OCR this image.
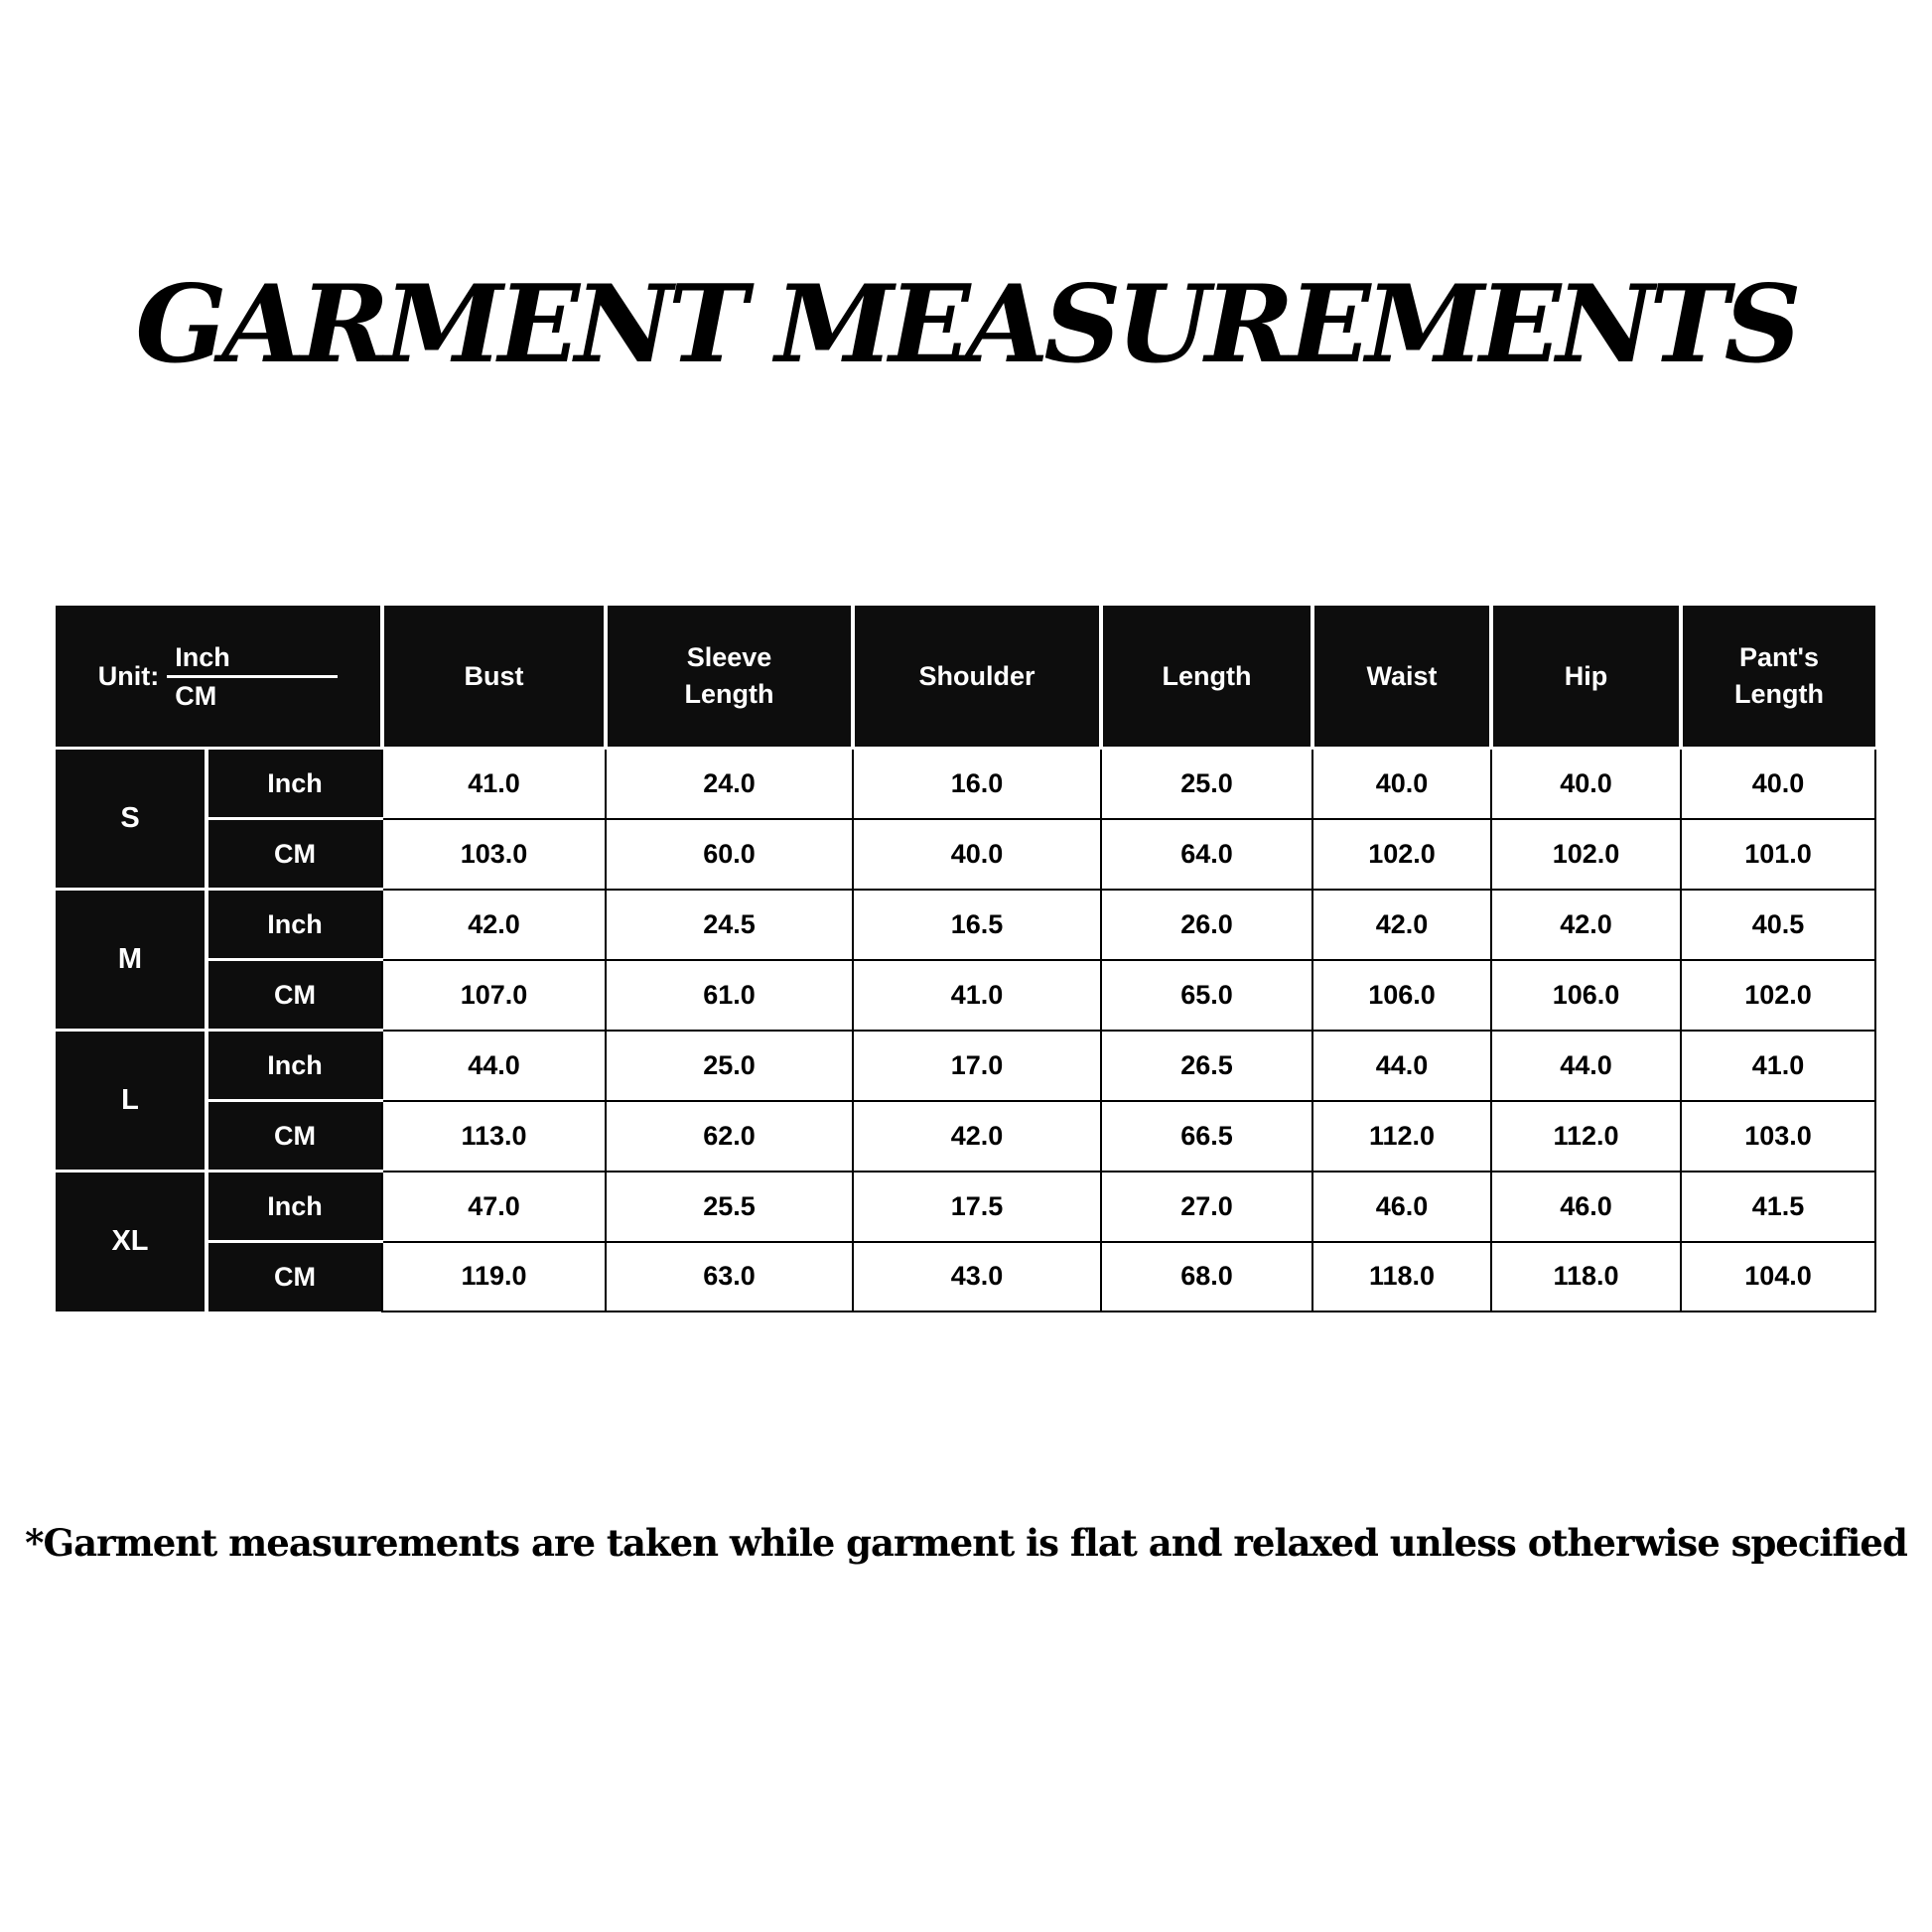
GARMENT MEASUREMENTS
Unit: $\frac{\text{Inch}}{CM}$		Bust	Sleeve Length	Shoulder	Length	Waist	Hip	Pant's Length
S	Inch	41.0	24.0	16.0	25.0	40.0	40.0	40.0
	CM	103.0	60.0	40.0	64.0	102.0	102.0	101.0
M	Inch	42.0	24.5	16.5	26.0	42.0	42.0	40.5
	CM	107.0	61.0	41.0	65.0	106.0	106.0	102.0
L	Inch	44.0	25.0	17.0	26.5	44.0	44.0	41.0
	CM	113.0	62.0	42.0	66.5	112.0	112.0	103.0
XL	Inch	47.0	25.5	17.5	27.0	46.0	46.0	41.5
	CM	119.0	63.0	43.0	68.0	118.0	118.0	104.0
*Garment measurements are taken while garment is flat and relaxed unless otherwise specified
